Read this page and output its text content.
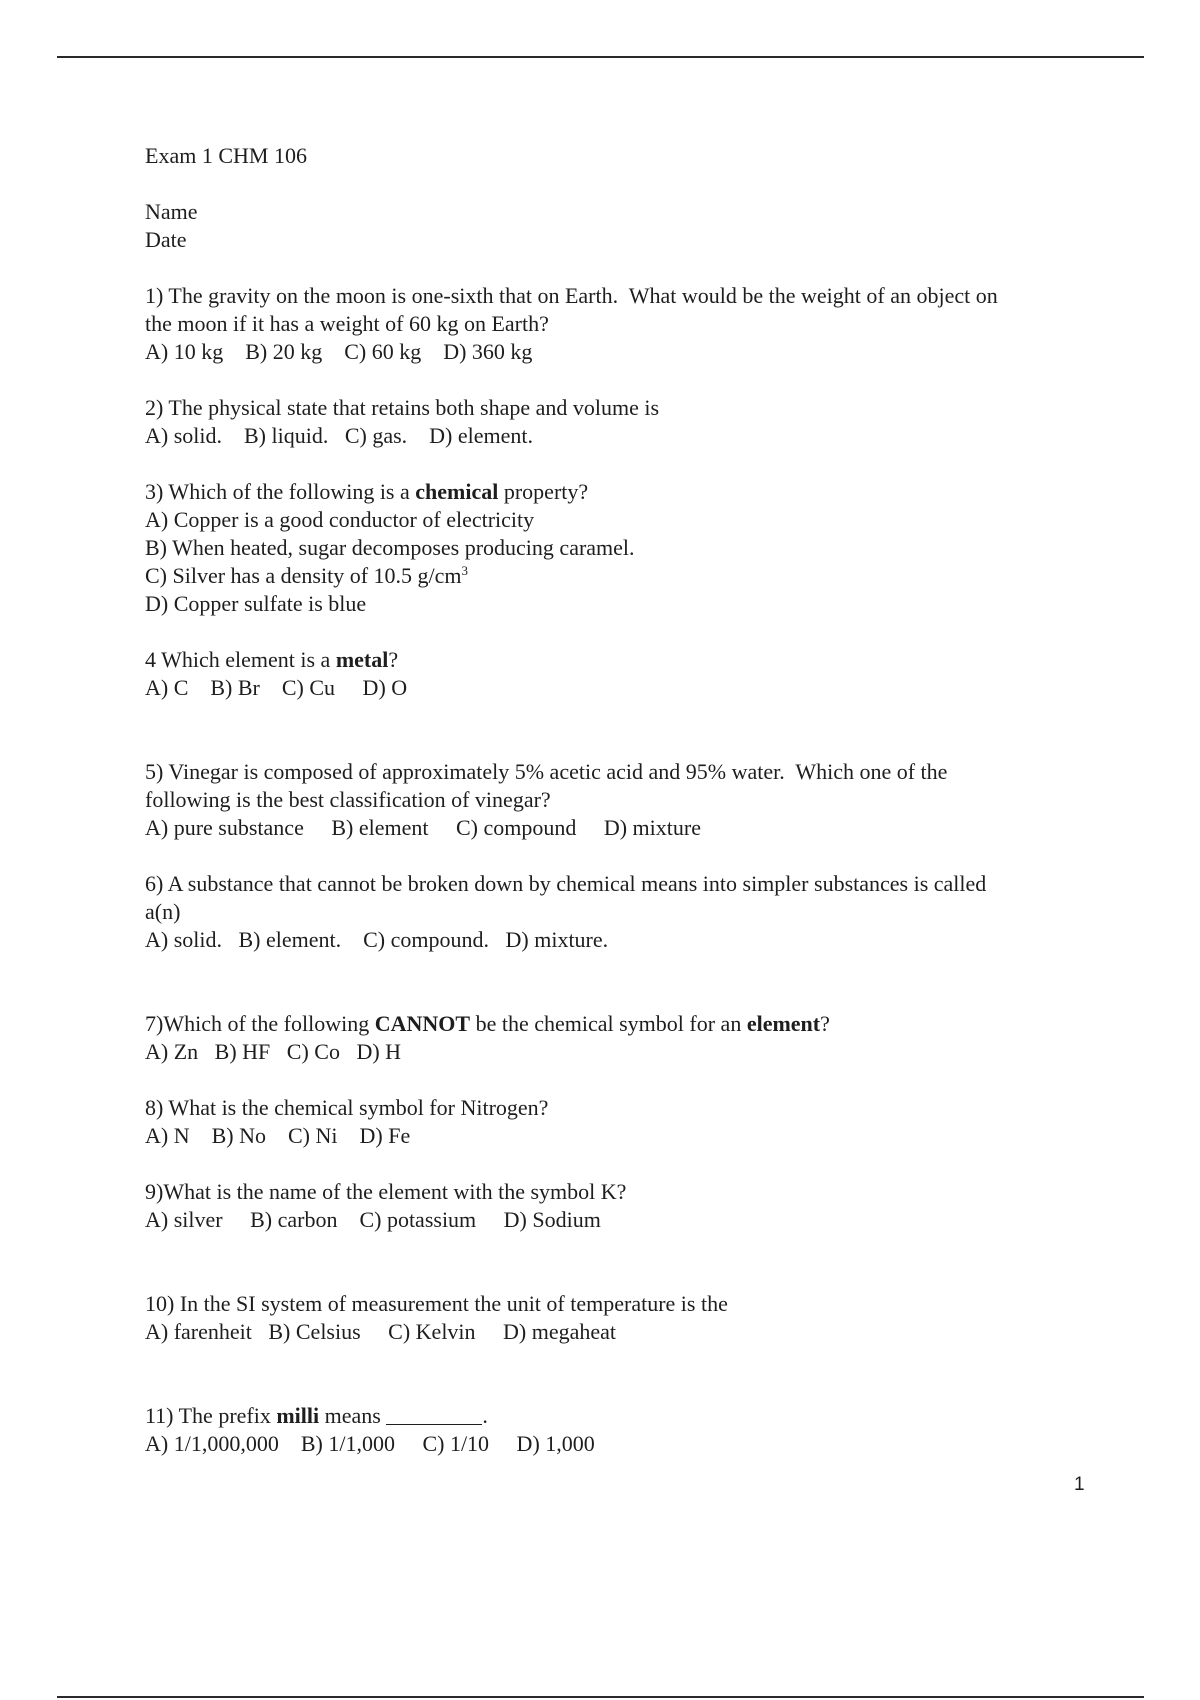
Exam 1 CHM 106
Name
Date
1) The gravity on the moon is one-sixth that on Earth.  What would be the weight of an object on
the moon if it has a weight of 60 kg on Earth?
A) 10 kg    B) 20 kg    C) 60 kg    D) 360 kg
2) The physical state that retains both shape and volume is
A) solid.    B) liquid.   C) gas.    D) element.
3) Which of the following is a chemical property?
A) Copper is a good conductor of electricity
B) When heated, sugar decomposes producing caramel.
C) Silver has a density of 10.5 $g/cm^3$
D) Copper sulfate is blue
4 Which element is a metal?
A) C    B) Br    C) Cu     D) O
5) Vinegar is composed of approximately 5% acetic acid and 95% water.  Which one of the
following is the best classification of vinegar?
A) pure substance     B) element     C) compound     D) mixture
6) A substance that cannot be broken down by chemical means into simpler substances is called
a(n)
A) solid.   B) element.    C) compound.   D) mixture.
7)Which of the following CANNOT be the chemical symbol for an element?
A) Zn   B) HF   C) Co   D) H
8) What is the chemical symbol for Nitrogen?
A) N    B) No    C) Ni    D) Fe
9)What is the name of the element with the symbol K?
A) silver     B) carbon    C) potassium     D) Sodium
10) In the SI system of measurement the unit of temperature is the
A) farenheit   B) Celsius     C) Kelvin     D) megaheat
11) The prefix milli means	.
A) 1/1,000,000    B) 1/1,000     C) 1/10     D) 1,000
1
